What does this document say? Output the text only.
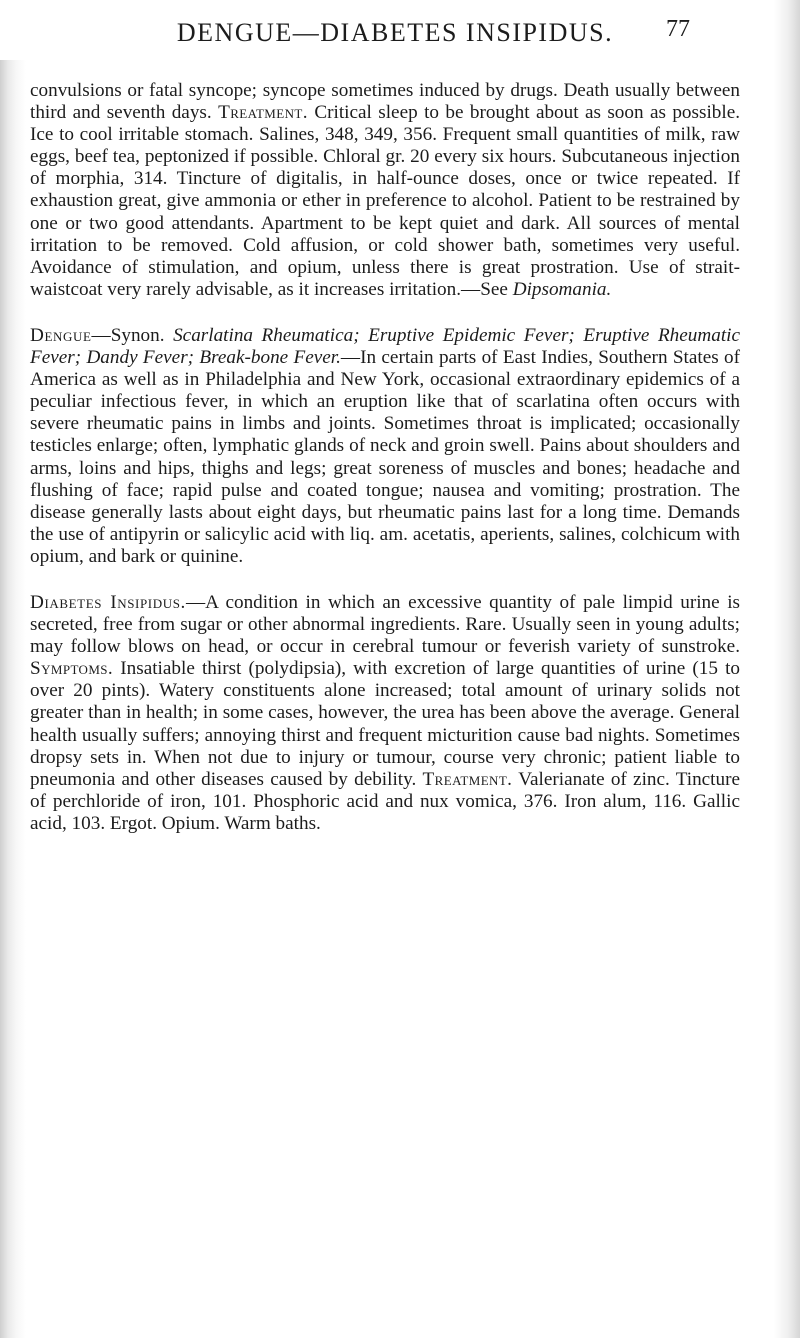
DENGUE—DIABETES INSIPIDUS.	77

convulsions or fatal syncope; syncope sometimes induced by drugs. Death usually between third and seventh days. Treatment. Critical sleep to be brought about as soon as possible. Ice to cool irritable stomach. Salines, 348, 349, 356. Frequent small quantities of milk, raw eggs, beef tea, peptonized if possible. Chloral gr. 20 every six hours. Subcutaneous injection of morphia, 314. Tincture of digitalis, in half-ounce doses, once or twice repeated. If exhaustion great, give ammonia or ether in preference to alcohol. Patient to be restrained by one or two good attendants. Apartment to be kept quiet and dark. All sources of mental irritation to be removed. Cold affusion, or cold shower bath, sometimes very useful. Avoidance of stimulation, and opium, unless there is great prostration. Use of strait-waistcoat very rarely advisable, as it increases irritation.—See Dipsomania.

Dengue—Synon. Scarlatina Rheumatica; Eruptive Epidemic Fever; Eruptive Rheumatic Fever; Dandy Fever; Break-bone Fever.—In certain parts of East Indies, Southern States of America as well as in Philadelphia and New York, occasional extraordinary epidemics of a peculiar infectious fever, in which an eruption like that of scarlatina often occurs with severe rheumatic pains in limbs and joints. Sometimes throat is implicated; occasionally testicles enlarge; often, lymphatic glands of neck and groin swell. Pains about shoulders and arms, loins and hips, thighs and legs; great soreness of muscles and bones; headache and flushing of face; rapid pulse and coated tongue; nausea and vomiting; prostration. The disease generally lasts about eight days, but rheumatic pains last for a long time. Demands the use of antipyrin or salicylic acid with liq. am. acetatis, aperients, salines, colchicum with opium, and bark or quinine.

Diabetes Insipidus.—A condition in which an excessive quantity of pale limpid urine is secreted, free from sugar or other abnormal ingredients. Rare. Usually seen in young adults; may follow blows on head, or occur in cerebral tumour or feverish variety of sunstroke. Symptoms. Insatiable thirst (polydipsia), with excretion of large quantities of urine (15 to over 20 pints). Watery constituents alone increased; total amount of urinary solids not greater than in health; in some cases, however, the urea has been above the average. General health usually suffers; annoying thirst and frequent micturition cause bad nights. Sometimes dropsy sets in. When not due to injury or tumour, course very chronic; patient liable to pneumonia and other diseases caused by debility. Treatment. Valerianate of zinc. Tincture of perchloride of iron, 101. Phosphoric acid and nux vomica, 376. Iron alum, 116. Gallic acid, 103. Ergot. Opium. Warm baths.
